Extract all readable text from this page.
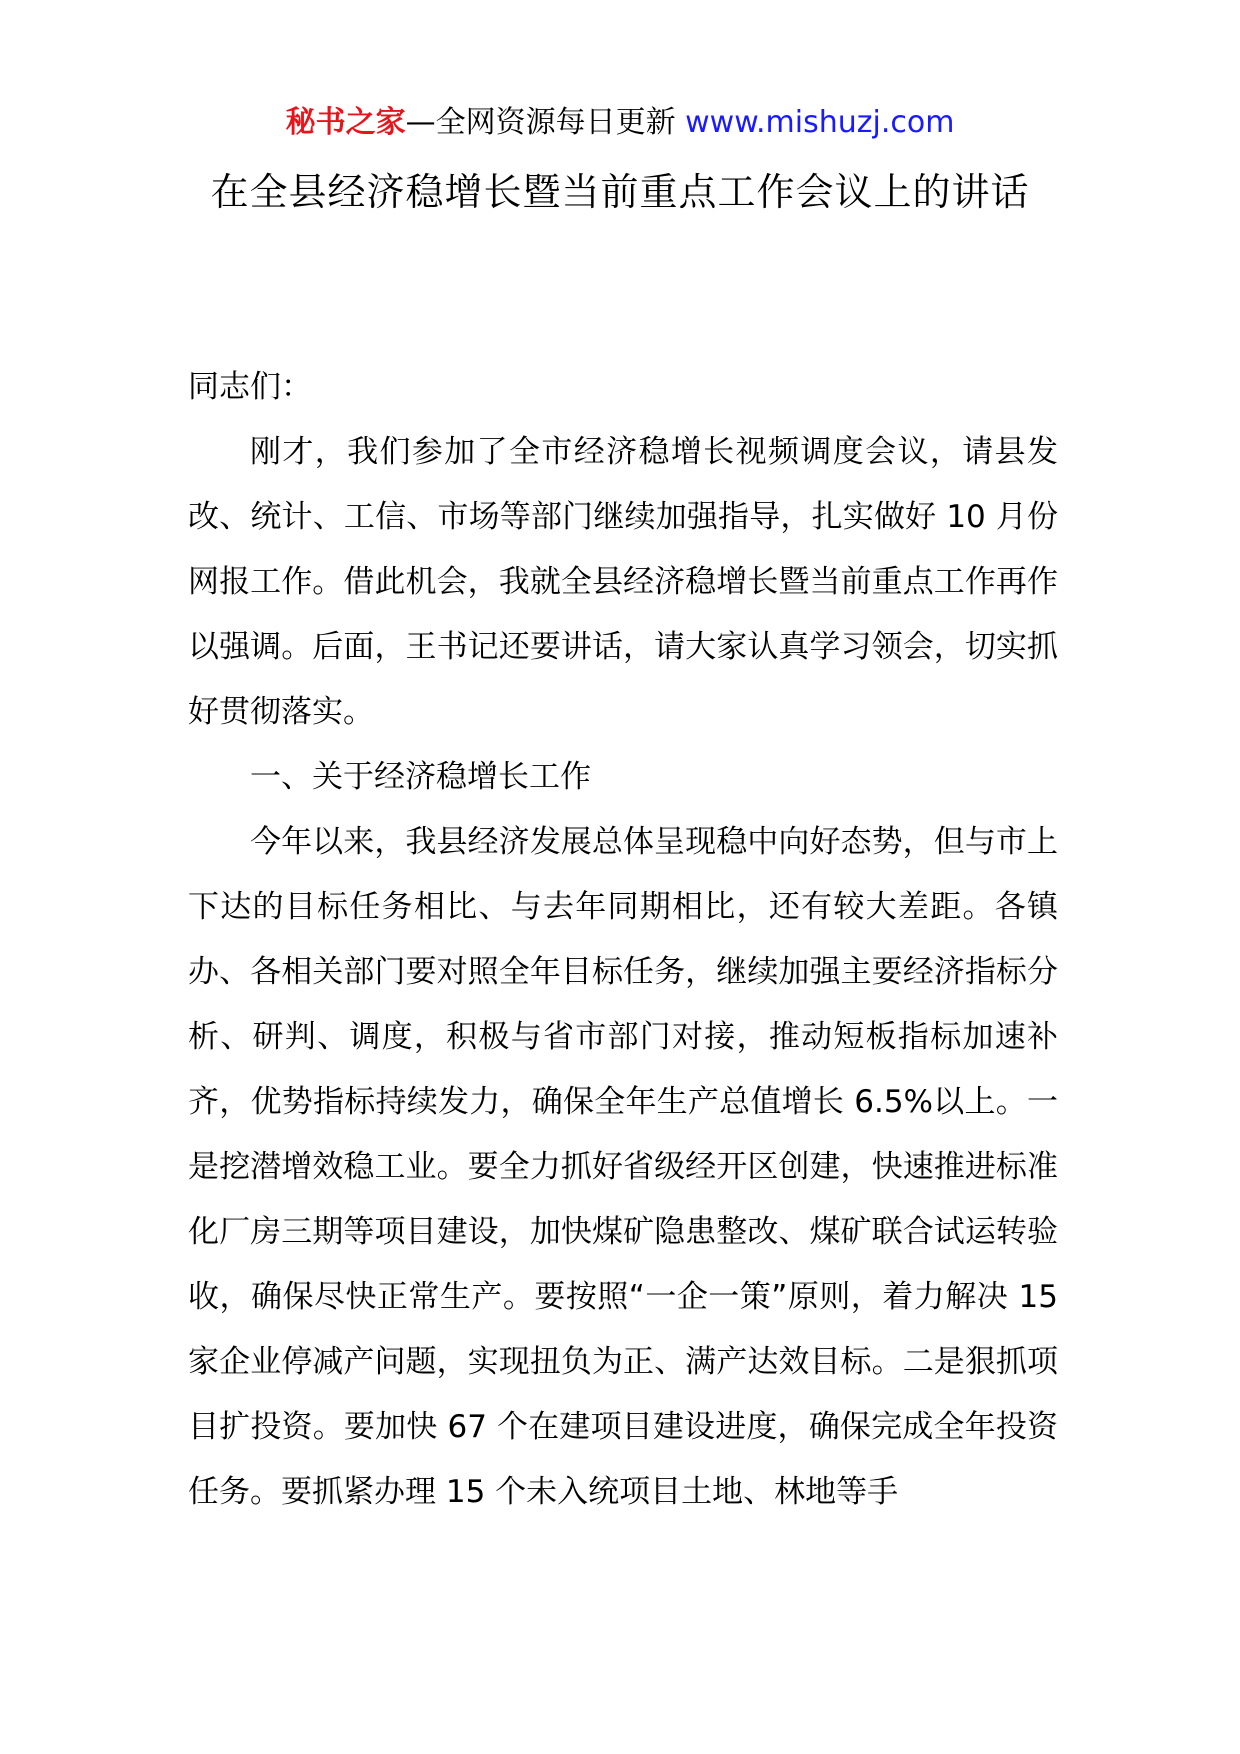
秘书之家—全网资源每日更新 www.mishuzj.com
在全县经济稳增长暨当前重点工作会议上的讲话

同志们：

刚才，我们参加了全市经济稳增长视频调度会议，请县发改、统计、工信、市场等部门继续加强指导，扎实做好 10 月份网报工作。借此机会，我就全县经济稳增长暨当前重点工作再作以强调。后面，王书记还要讲话，请大家认真学习领会，切实抓好贯彻落实。

一、关于经济稳增长工作

今年以来，我县经济发展总体呈现稳中向好态势，但与市上下达的目标任务相比、与去年同期相比，还有较大差距。各镇办、各相关部门要对照全年目标任务，继续加强主要经济指标分析、研判、调度，积极与省市部门对接，推动短板指标加速补齐，优势指标持续发力，确保全年生产总值增长 6.5%以上。一是挖潜增效稳工业。要全力抓好省级经开区创建，快速推进标准化厂房三期等项目建设，加快煤矿隐患整改、煤矿联合试运转验收，确保尽快正常生产。要按照“一企一策”原则，着力解决 15 家企业停减产问题，实现扭负为正、满产达效目标。二是狠抓项目扩投资。要加快 67 个在建项目建设进度，确保完成全年投资任务。要抓紧办理 15 个未入统项目土地、林地等手
